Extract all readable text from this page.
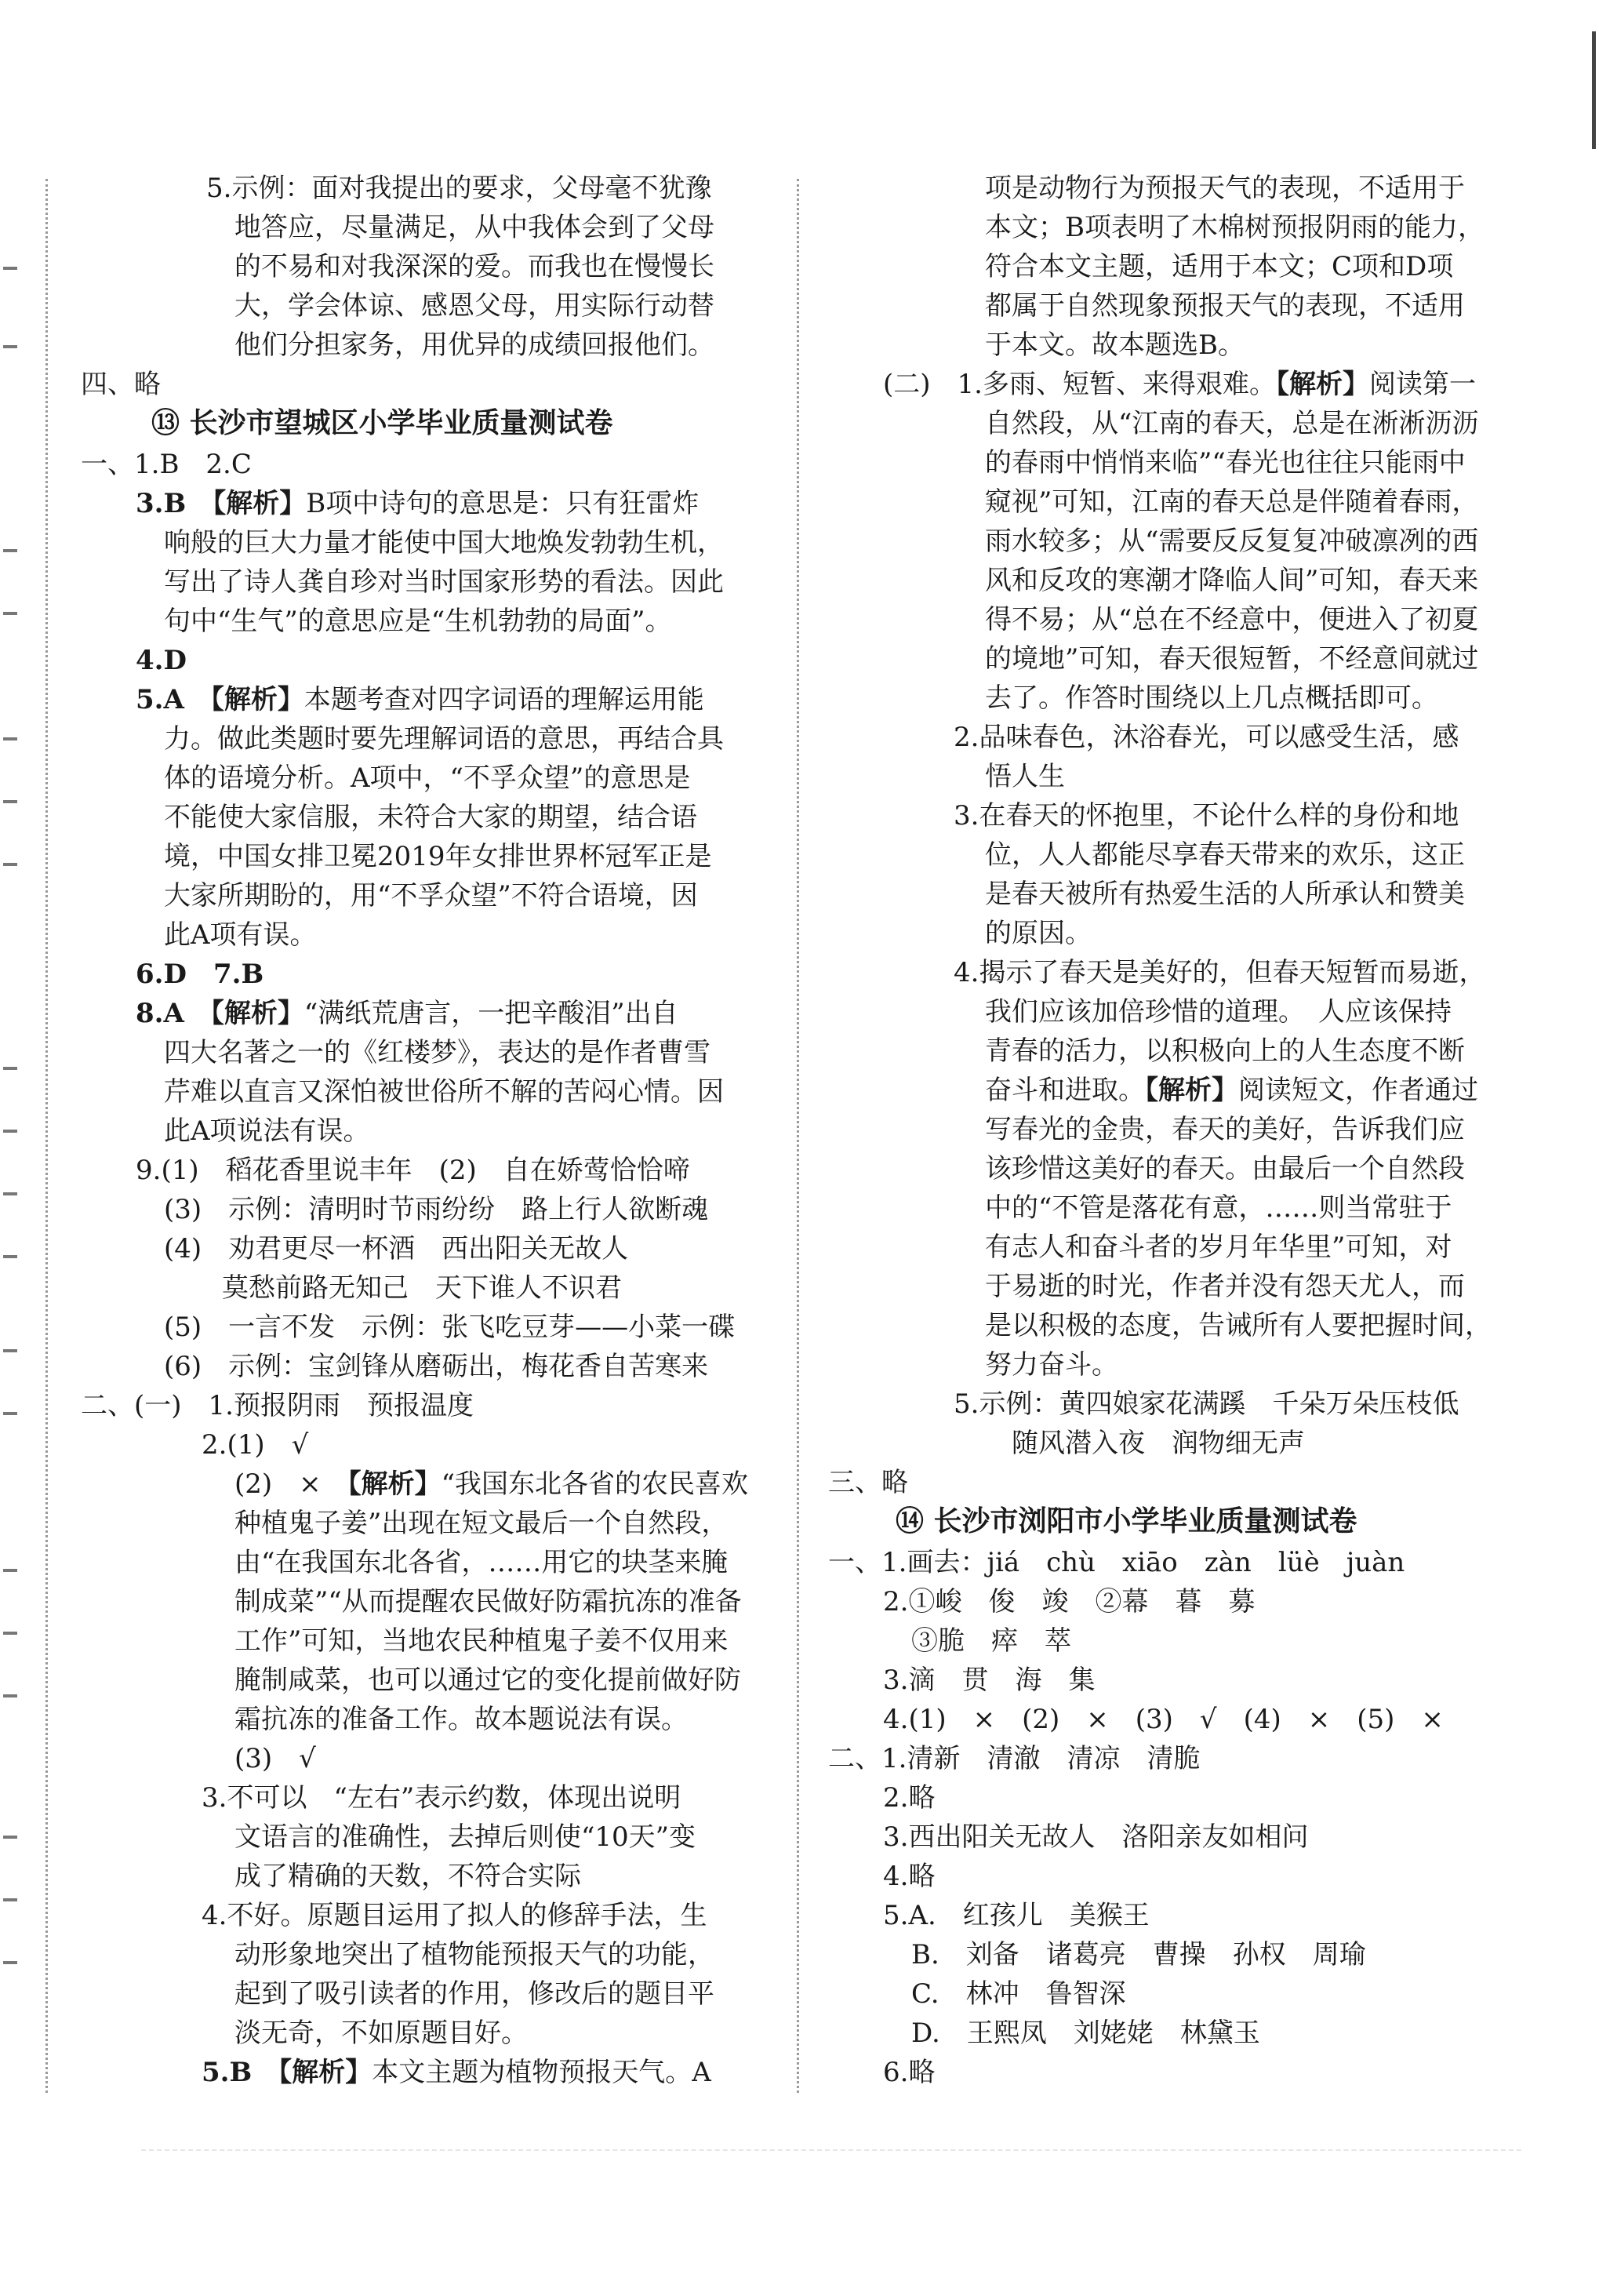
5.示例：面对我提出的要求，父母毫不犹豫
地答应，尽量满足，从中我体会到了父母
的不易和对我深深的爱。而我也在慢慢长
大，学会体谅、感恩父母，用实际行动替
他们分担家务，用优异的成绩回报他们。
四、略
⑬ 长沙市望城区小学毕业质量测试卷
一、1.B　2.C
3.B　 【解析】B项中诗句的意思是：只有狂雷炸
响般的巨大力量才能使中国大地焕发勃勃生机，
写出了诗人龚自珍对当时国家形势的看法。因此
句中“生气”的意思应是“生机勃勃的局面”。
4.D
5.A　 【解析】本题考查对四字词语的理解运用能
力。做此类题时要先理解词语的意思，再结合具
体的语境分析。A项中，“不孚众望”的意思是
不能使大家信服，未符合大家的期望，结合语
境，中国女排卫冕2019年女排世界杯冠军正是
大家所期盼的，用“不孚众望”不符合语境，因
此A项有误。
6.D　7.B
8.A　 【解析】“满纸荒唐言，一把辛酸泪”出自
四大名著之一的《红楼梦》，表达的是作者曹雪
芹难以直言又深怕被世俗所不解的苦闷心情。因
此A项说法有误。
9.(1)　稻花香里说丰年　(2)　自在娇莺恰恰啼
(3)　示例：清明时节雨纷纷　路上行人欲断魂
(4)　劝君更尽一杯酒　西出阳关无故人
莫愁前路无知己　天下谁人不识君
(5)　一言不发　示例：张飞吃豆芽——小菜一碟
(6)　示例：宝剑锋从磨砺出，梅花香自苦寒来
二、(一)　1.预报阴雨　预报温度
2.(1)　√
(2)　×　 【解析】“我国东北各省的农民喜欢
种植鬼子姜”出现在短文最后一个自然段，
由“在我国东北各省，……用它的块茎来腌
制成菜”“从而提醒农民做好防霜抗冻的准备
工作”可知，当地农民种植鬼子姜不仅用来
腌制咸菜，也可以通过它的变化提前做好防
霜抗冻的准备工作。故本题说法有误。
(3)　√
3.不可以　“左右”表示约数，体现出说明
文语言的准确性，去掉后则使“10天”变
成了精确的天数，不符合实际
4.不好。原题目运用了拟人的修辞手法，生
动形象地突出了植物能预报天气的功能，
起到了吸引读者的作用，修改后的题目平
淡无奇，不如原题目好。
5.B　 【解析】本文主题为植物预报天气。A
项是动物行为预报天气的表现，不适用于
本文；B项表明了木棉树预报阴雨的能力，
符合本文主题，适用于本文；C项和D项
都属于自然现象预报天气的表现，不适用
于本文。故本题选B。
(二)　1.多雨、短暂、来得艰难。【解析】阅读第一
自然段，从“江南的春天，总是在淅淅沥沥
的春雨中悄悄来临”“春光也往往只能雨中
窥视”可知，江南的春天总是伴随着春雨，
雨水较多；从“需要反反复复冲破凛冽的西
风和反攻的寒潮才降临人间”可知，春天来
得不易；从“总在不经意中，便进入了初夏
的境地”可知，春天很短暂，不经意间就过
去了。作答时围绕以上几点概括即可。
2.品味春色，沐浴春光，可以感受生活，感
悟人生
3.在春天的怀抱里，不论什么样的身份和地
位，人人都能尽享春天带来的欢乐，这正
是春天被所有热爱生活的人所承认和赞美
的原因。
4.揭示了春天是美好的，但春天短暂而易逝，
我们应该加倍珍惜的道理。　人应该保持
青春的活力，以积极向上的人生态度不断
奋斗和进取。【解析】阅读短文，作者通过
写春光的金贵，春天的美好，告诉我们应
该珍惜这美好的春天。由最后一个自然段
中的“不管是落花有意，……则当常驻于
有志人和奋斗者的岁月年华里”可知，对
于易逝的时光，作者并没有怨天尤人，而
是以积极的态度，告诫所有人要把握时间，
努力奋斗。
5.示例：黄四娘家花满蹊　千朵万朵压枝低
随风潜入夜　润物细无声
三、略
⑭ 长沙市浏阳市小学毕业质量测试卷
一、1.画去：jiá　chù　xiāo　zàn　lüè　juàn
2.①峻　俊　竣　②幕　暮　募
③脆　瘁　萃
3.滴　贯　海　集
4.(1)　×　(2)　×　(3)　√　(4)　×　(5)　×
二、1.清新　清澈　清凉　清脆
2.略
3.西出阳关无故人　洛阳亲友如相问
4.略
5.A.　红孩儿　美猴王
B.　刘备　诸葛亮　曹操　孙权　周瑜
C.　林冲　鲁智深
D.　王熙凤　刘姥姥　林黛玉
6.略
